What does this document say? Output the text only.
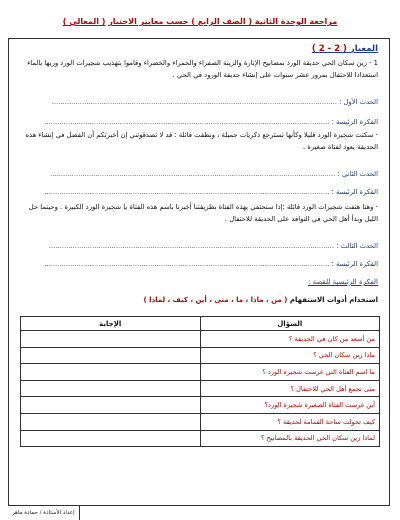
مراجعة الوحدة الثانية ( الصف الرابع ) حسب معايير الاختبار ( المعالي )
المعيار ( 2 - 2 )
1 - زين سكان الحي حديقة الورد بمصابيح الإنارة والزينة الصفراء والحمراء والخضراء وقاموا بتهذيب شجيرات الورد وريها بالماء استعدادا للاحتفال بمرور عشر سنوات على إنشاء حديقة الورود في الحي .
الحدث الأول : ....................................................................................................................................
الفكرة الرئيسة : ....................................................................................................................................
- سكتت شجيرة الورد قليلا وكأنها تسترجع ذكريات جميلة ، ونطقت قائلة : قد لا تصدقونني إن أخبرتكم أن الفضل في إنشاء هذه الحديقة يعود لفتاة صغيرة .
الحدث الثاني : ....................................................................................................................................
الفكرة الرئيسة : ....................................................................................................................................
- وهنا هتفت شجيرات الورد قائلة :إذا سنحتفي بهذه الفتاة بطريقتنا أخبرنا باسم هذه الفتاة يا شجيرة الورد الكبيرة . وحينما حل الليل وبدأ أهل الحي في التوافد على الحديقة للاحتفال .
الحدث الثالث : ....................................................................................................................................
الفكرة الرئيسة : ....................................................................................................................................
الفكرة الرئيسية للقصة :
استخدام أدوات الاستفهام ( من ، ماذا ، ما ، متى ، أين ، كيف ، لماذا )
السؤال	الإجابة
من أسعد من كان في الحديقة ؟	
ماذا زين سكان الحي ؟	
ما اسم الفتاة التي غرست شجيرة الورد ؟	
متى تجمع أهل الحي للاحتفال ؟	
أين غرست الفتاة الصغيرة شجيرة الورد؟	
كيف تحولت ساحة القمامة لحديقة ؟	
لماذا زين سكان الحي الحديقة بالمصابيح ؟	
إعداد الأستاذة / حمادة ماهر
